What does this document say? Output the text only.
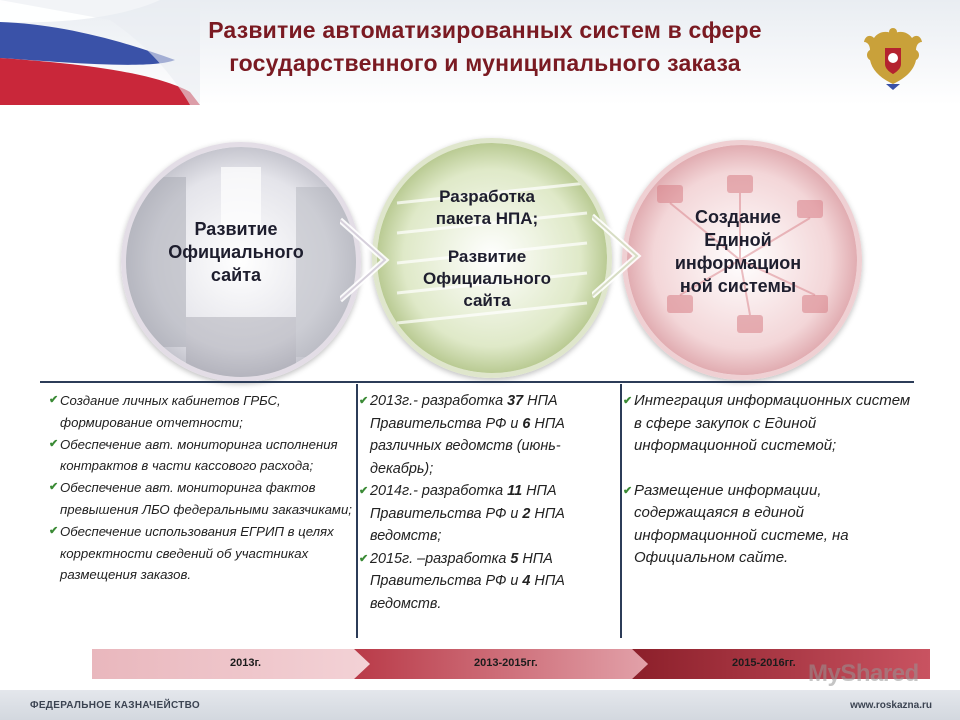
Развитие автоматизированных систем в сфере
государственного и муниципального заказа
Развитие
Официального
сайта
Разработка
пакета НПА;
Развитие
Официального
сайта
Создание
Единой
информацион
ной системы
✔ Создание личных кабинетов ГРБС, формирование отчетности;
✔ Обеспечение авт. мониторинга исполнения контрактов в части кассового расхода;
✔ Обеспечение авт. мониторинга фактов превышения ЛБО федеральными заказчиками;
✔ Обеспечение использования ЕГРИП в целях корректности сведений об участниках размещения заказов.
✔ 2013г.- разработка 37 НПА Правительства РФ и 6 НПА различных ведомств (июнь-декабрь);
✔ 2014г.- разработка 11 НПА Правительства РФ и 2 НПА ведомств;
✔ 2015г. –разработка 5 НПА Правительства РФ и 4 НПА ведомств.
✔ Интеграция информационных систем в сфере закупок с Единой информационной системой;
✔ Размещение информации, содержащаяся в единой информационной системе, на Официальном сайте.
2013г.	2013-2015гг.	2015-2016гг. MyShared
ФЕДЕРАЛЬНОЕ КАЗНАЧЕЙСТВО	www.roskazna.ru
